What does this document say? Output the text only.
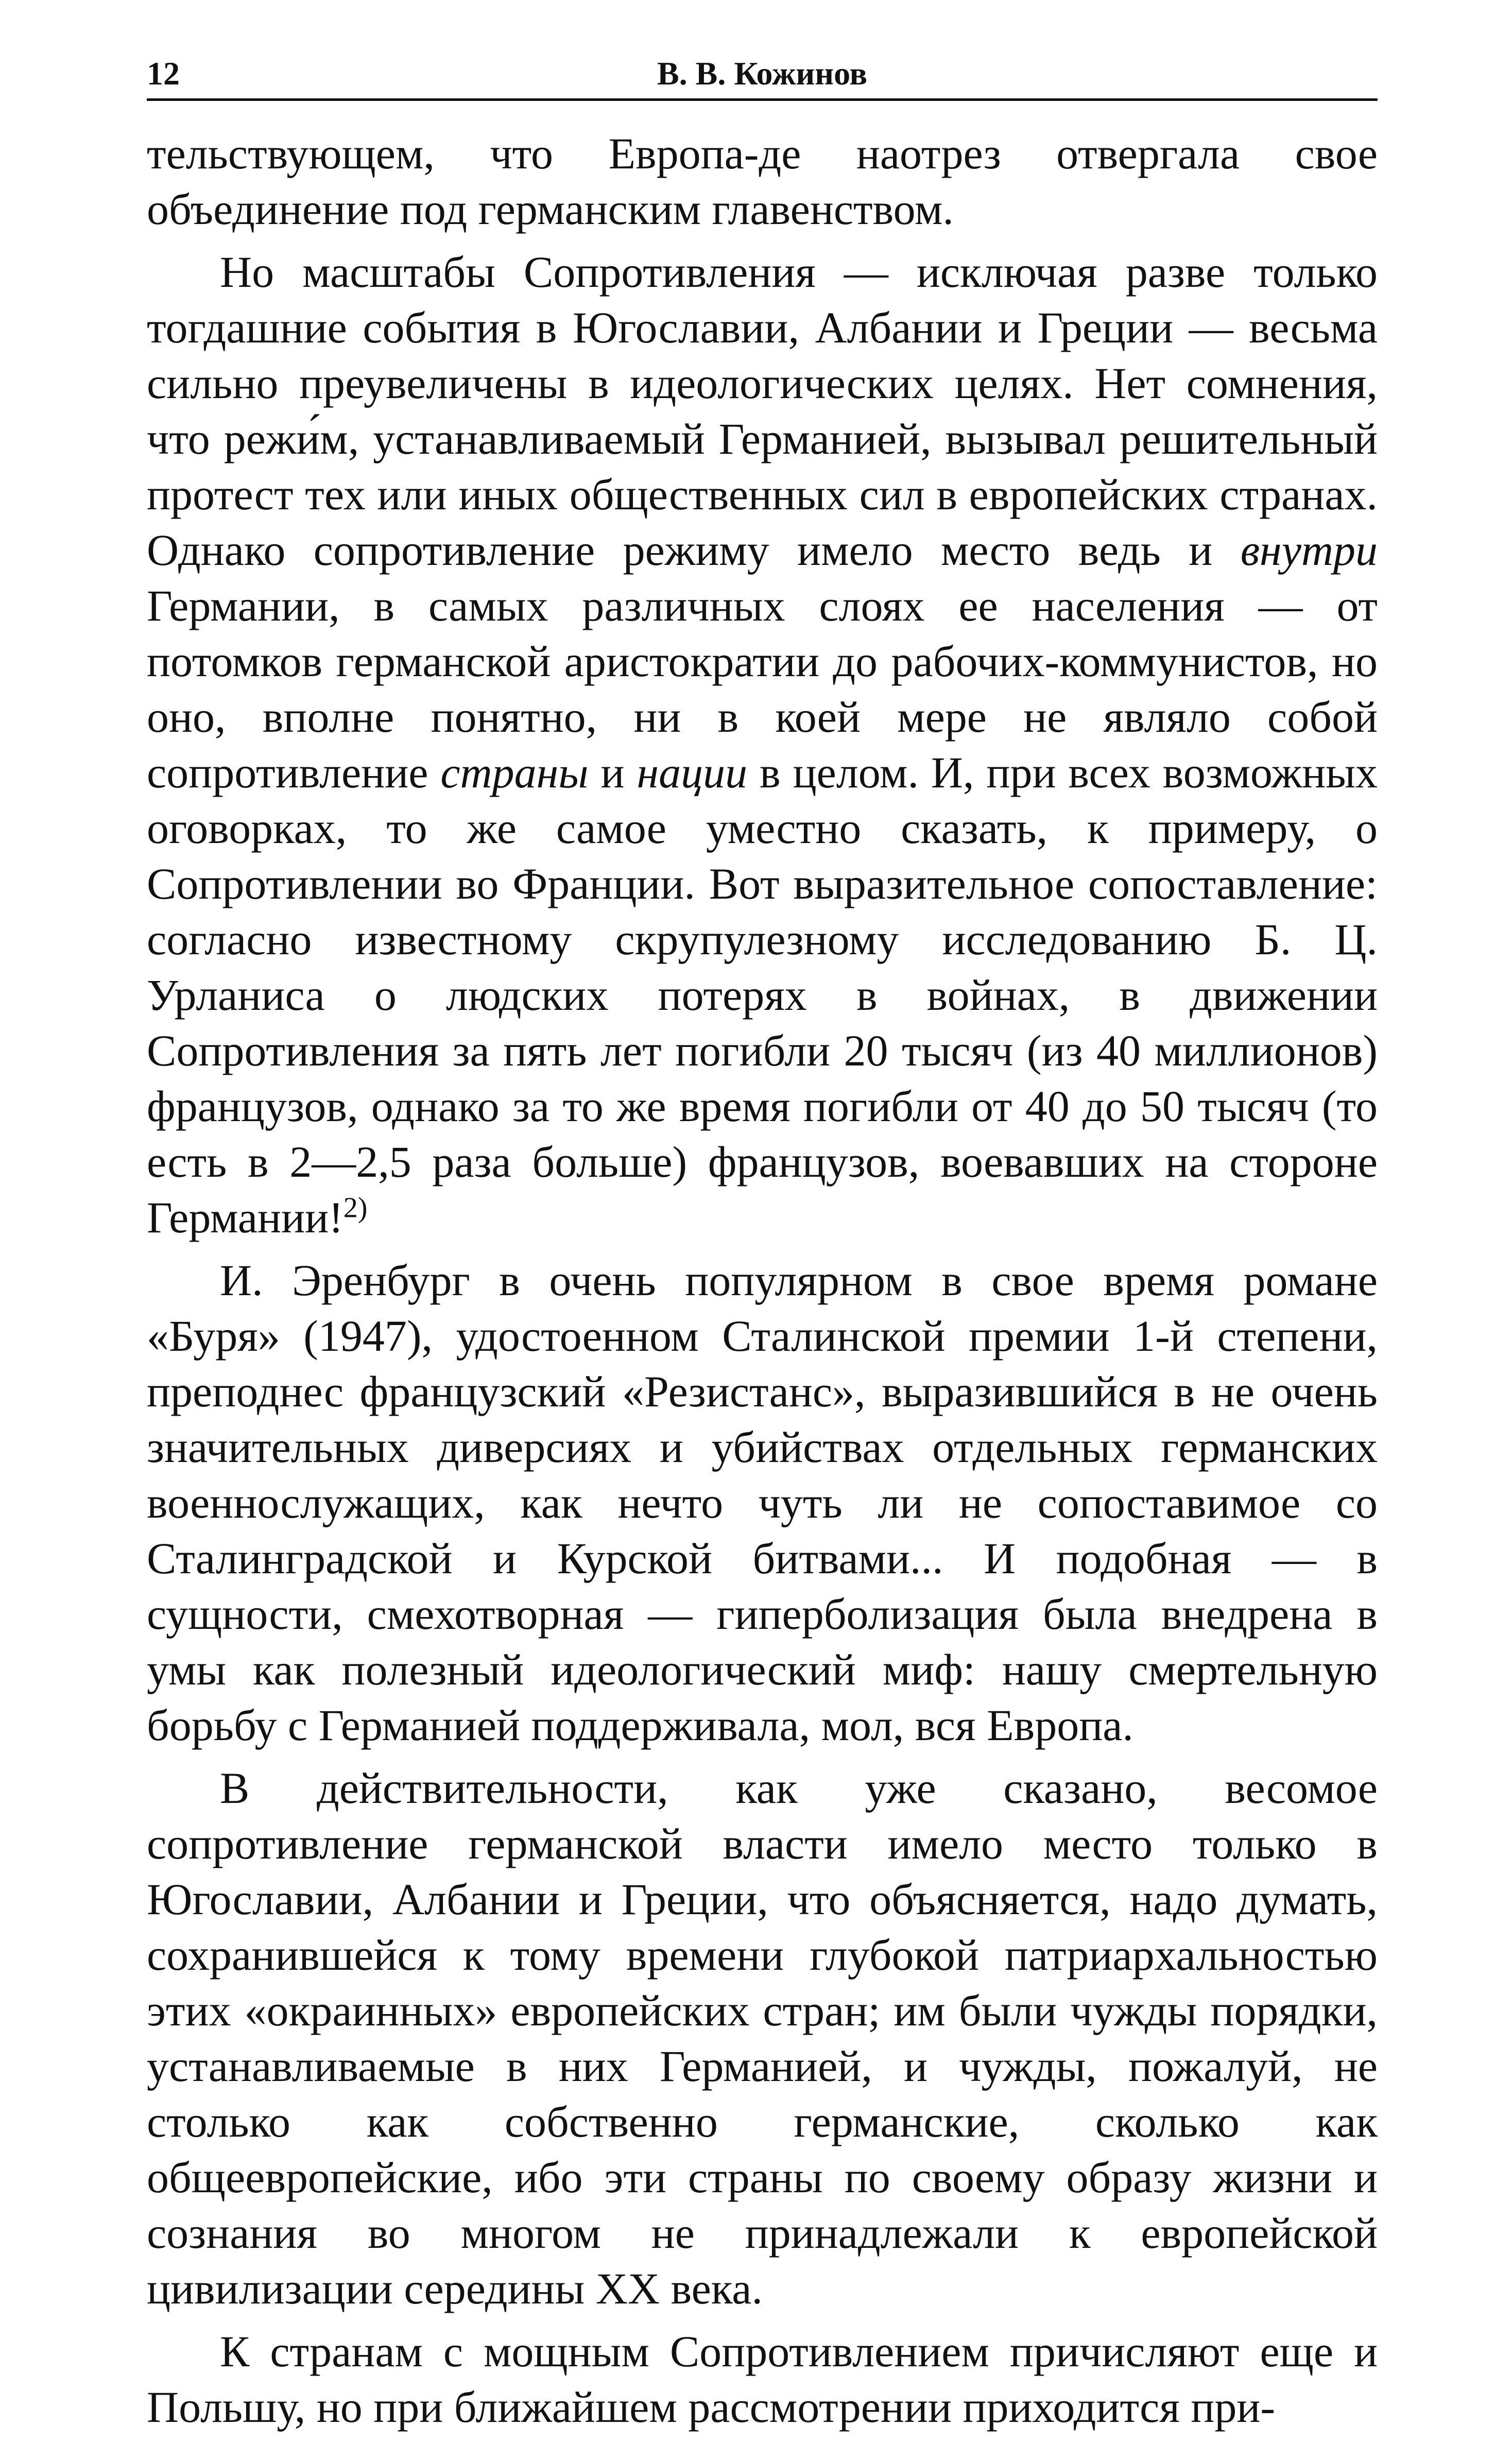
12	В. В. Кожинов

тельствующем, что Европа-де наотрез отвергала свое объединение под германским главенством.

Но масштабы Сопротивления — исключая разве только тогдашние события в Югославии, Албании и Греции — весьма сильно преувеличены в идеологических целях. Нет сомнения, что режи́м, устанавливаемый Германией, вызывал решительный протест тех или иных общественных сил в европейских странах. Однако сопротивление режиму имело место ведь и внутри Германии, в самых различных слоях ее населения — от потомков германской аристократии до рабочих-коммунистов, но оно, вполне понятно, ни в коей мере не являло собой сопротивление страны и нации в целом. И, при всех возможных оговорках, то же самое уместно сказать, к примеру, о Сопротивлении во Франции. Вот выразительное сопоставление: согласно известному скрупулезному исследованию Б. Ц. Урланиса о людских потерях в войнах, в движении Сопротивления за пять лет погибли 20 тысяч (из 40 миллионов) французов, однако за то же время погибли от 40 до 50 тысяч (то есть в 2—2,5 раза больше) французов, воевавших на стороне Германии!$^{2)}$

И. Эренбург в очень популярном в свое время романе «Буря» (1947), удостоенном Сталинской премии 1-й степени, преподнес французский «Резистанс», выразившийся в не очень значительных диверсиях и убийствах отдельных германских военнослужащих, как нечто чуть ли не сопоставимое со Сталинградской и Курской битвами... И подобная — в сущности, смехотворная — гиперболизация была внедрена в умы как полезный идеологический миф: нашу смертельную борьбу с Германией поддерживала, мол, вся Европа.

В действительности, как уже сказано, весомое сопротивление германской власти имело место только в Югославии, Албании и Греции, что объясняется, надо думать, сохранившейся к тому времени глубокой патриархальностью этих «окраинных» европейских стран; им были чужды порядки, устанавливаемые в них Германией, и чужды, пожалуй, не столько как собственно германские, сколько как общеевропейские, ибо эти страны по своему образу жизни и сознания во многом не принадлежали к европейской цивилизации середины XX века.

К странам с мощным Сопротивлением причисляют еще и Польшу, но при ближайшем рассмотрении приходится при-
